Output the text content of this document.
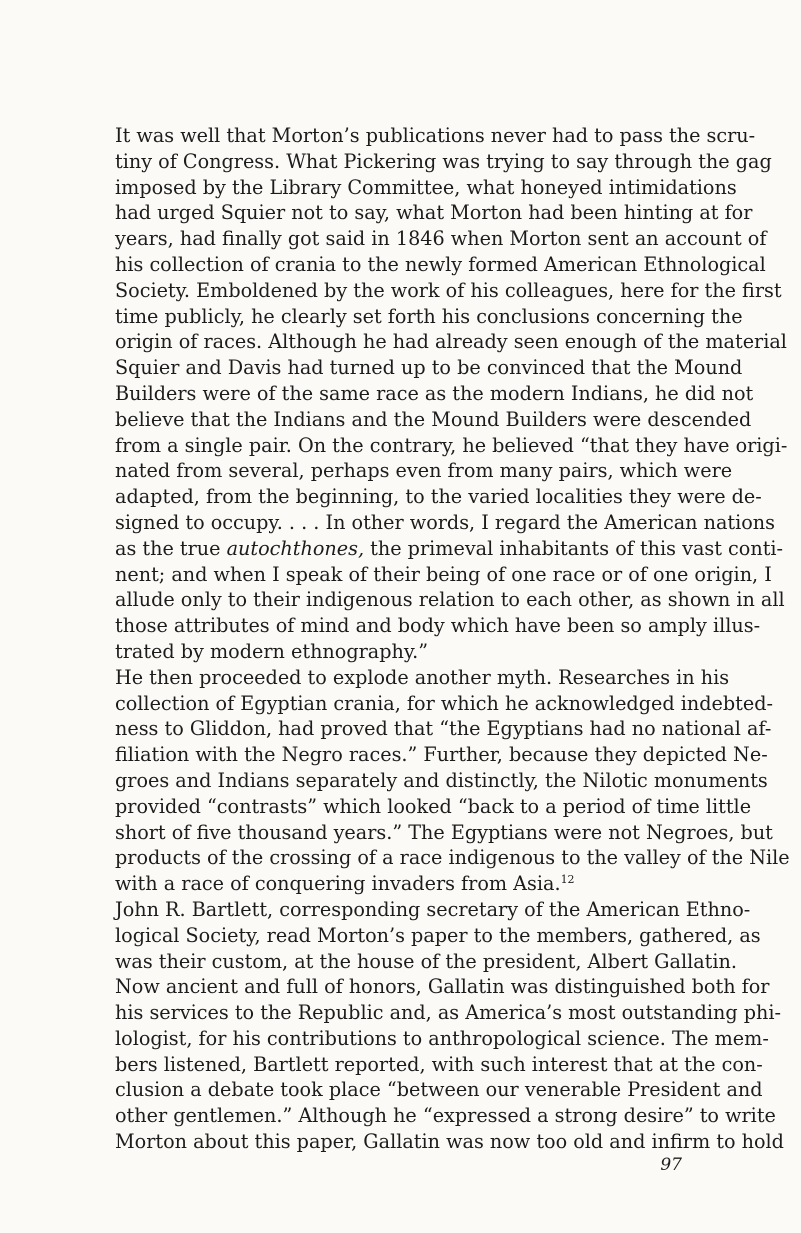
It was well that Morton’s publications never had to pass the scru-
tiny of Congress. What Pickering was trying to say through the gag
imposed by the Library Committee, what honeyed intimidations
had urged Squier not to say, what Morton had been hinting at for
years, had finally got said in 1846 when Morton sent an account of
his collection of crania to the newly formed American Ethnological
Society. Emboldened by the work of his colleagues, here for the first
time publicly, he clearly set forth his conclusions concerning the
origin of races. Although he had already seen enough of the material
Squier and Davis had turned up to be convinced that the Mound
Builders were of the same race as the modern Indians, he did not
believe that the Indians and the Mound Builders were descended
from a single pair. On the contrary, he believed “that they have origi-
nated from several, perhaps even from many pairs, which were
adapted, from the beginning, to the varied localities they were de-
signed to occupy. . . . In other words, I regard the American nations
as the true autochthones, the primeval inhabitants of this vast conti-
nent; and when I speak of their being of one race or of one origin, I
allude only to their indigenous relation to each other, as shown in all
those attributes of mind and body which have been so amply illus-
trated by modern ethnography.”
He then proceeded to explode another myth. Researches in his
collection of Egyptian crania, for which he acknowledged indebted-
ness to Gliddon, had proved that “the Egyptians had no national af-
filiation with the Negro races.” Further, because they depicted Ne-
groes and Indians separately and distinctly, the Nilotic monuments
provided “contrasts” which looked “back to a period of time little
short of five thousand years.” The Egyptians were not Negroes, but
products of the crossing of a race indigenous to the valley of the Nile
with a race of conquering invaders from Asia.$^{12}$
John R. Bartlett, corresponding secretary of the American Ethno-
logical Society, read Morton’s paper to the members, gathered, as
was their custom, at the house of the president, Albert Gallatin.
Now ancient and full of honors, Gallatin was distinguished both for
his services to the Republic and, as America’s most outstanding phi-
lologist, for his contributions to anthropological science. The mem-
bers listened, Bartlett reported, with such interest that at the con-
clusion a debate took place “between our venerable President and
other gentlemen.” Although he “expressed a strong desire” to write
Morton about this paper, Gallatin was now too old and infirm to hold
97
